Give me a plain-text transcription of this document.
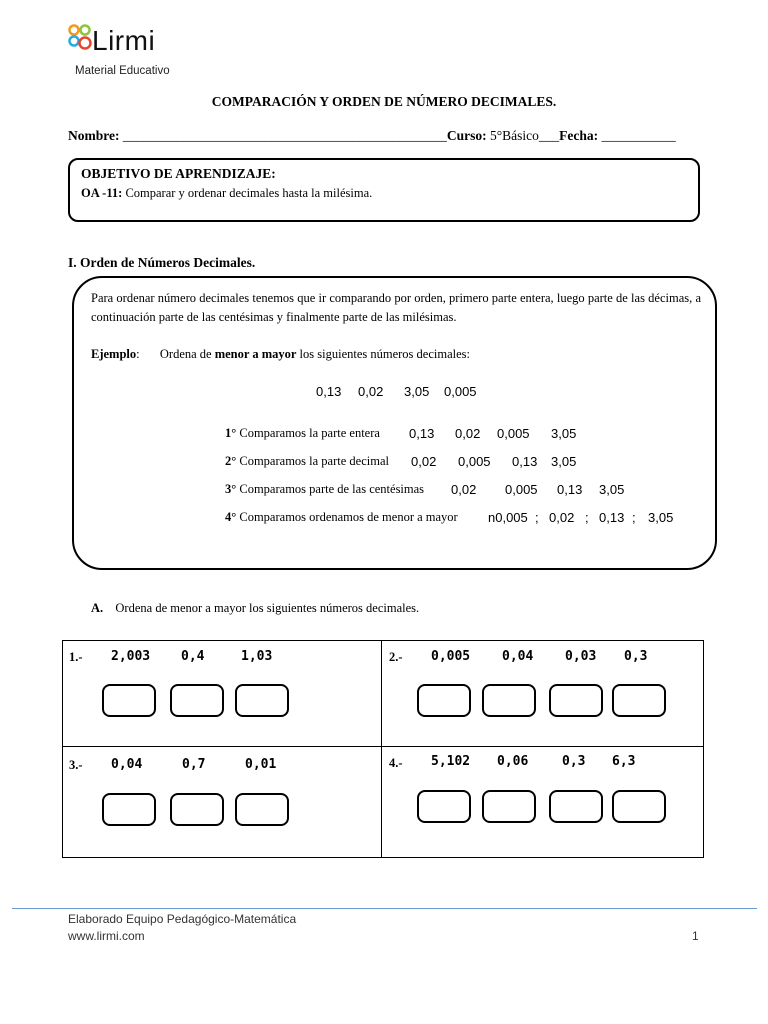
Lirmi
Material Educativo
COMPARACIÓN Y ORDEN DE NÚMERO DECIMALES.
Nombre: ________________________________________________Curso: 5°Básico___Fecha: ___________
OBJETIVO DE APRENDIZAJE:
OA -11: Comparar y ordenar decimales hasta la milésima.
I. Orden de Números Decimales.
Para ordenar número decimales tenemos que ir comparando por orden, primero parte entera, luego parte de las décimas, a continuación parte de las centésimas y finalmente parte de las milésimas.
Ejemplo: Ordena de menor a mayor los siguientes números decimales:
0,13 0,02 3,05 0,005
1° Comparamos la parte entera 0,13 0,02 0,005 3,05
2° Comparamos la parte decimal 0,02 0,005 0,13 3,05
3° Comparamos parte de las centésimas 0,02 0,005 0,13 3,05
4° Comparamos ordenamos de menor a mayor n0,005 ; 0,02 ; 0,13 ; 3,05
A. Ordena de menor a mayor los siguientes números decimales.
1.- 2,003 0,4	1,03	2.- 0,005 0,04 0,03 0,3
3.- 0,04	0,7	0,01	4.- 5,102 0,06	0,3 6,3
Elaborado Equipo Pedagógico-Matemática
www.lirmi.com	1
